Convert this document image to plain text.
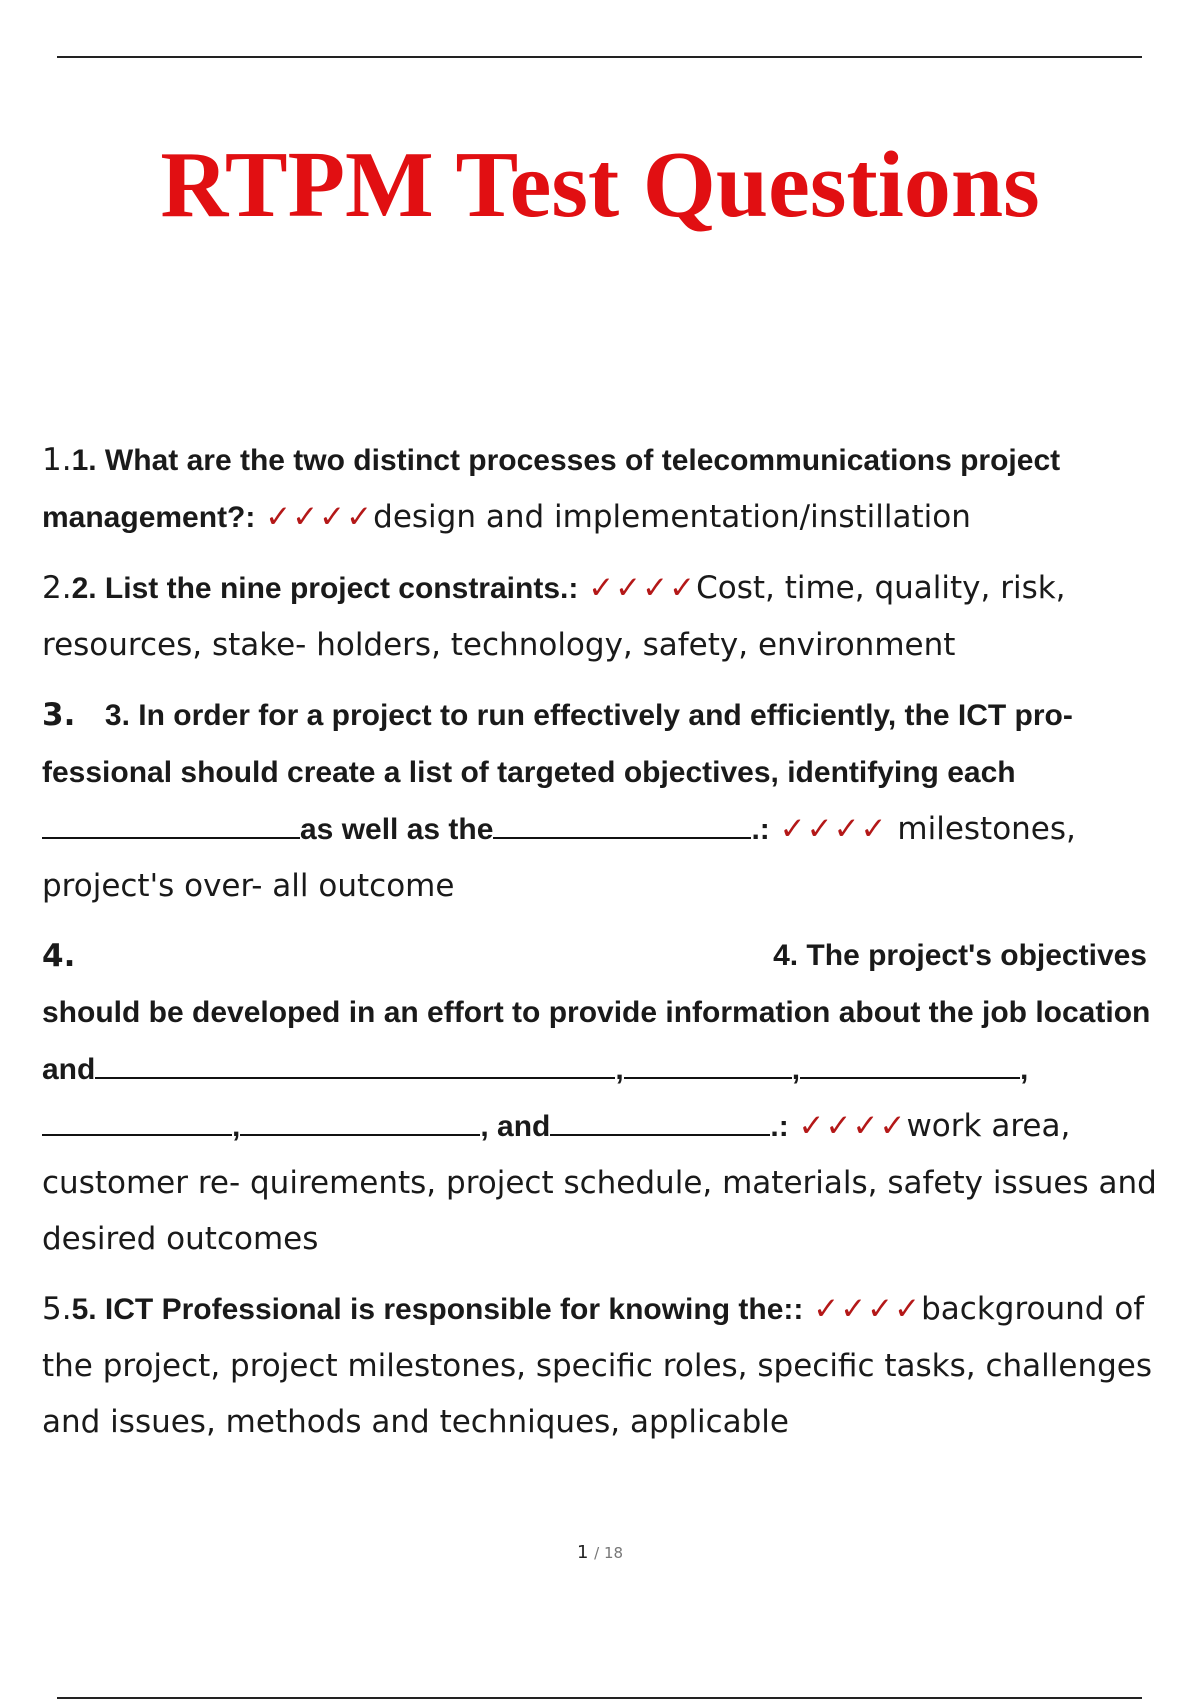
RTPM Test Questions
1.1. What are the two distinct processes of telecommunications project management?: ✓✓✓✓design and implementation/instillation
2.2. List the nine project constraints.: ✓✓✓✓Cost, time, quality, risk, resources, stake- holders, technology, safety, environment
3. 3. In order for a project to run effectively and efficiently, the ICT pro- fessional should create a list of targeted objectives, identifying each
as well as the	.: ✓✓✓✓ milestones, project's over- all outcome
4.	4. The project's objectives
should be developed in an effort to provide information about the job location and	,	,	,
,	, and	.: ✓✓✓✓work area, customer re- quirements, project schedule, materials, safety issues and desired outcomes
5.5. ICT Professional is responsible for knowing the:: ✓✓✓✓background of the project, project milestones, specific roles, specific tasks, challenges and issues, methods and techniques, applicable
1 / 18
